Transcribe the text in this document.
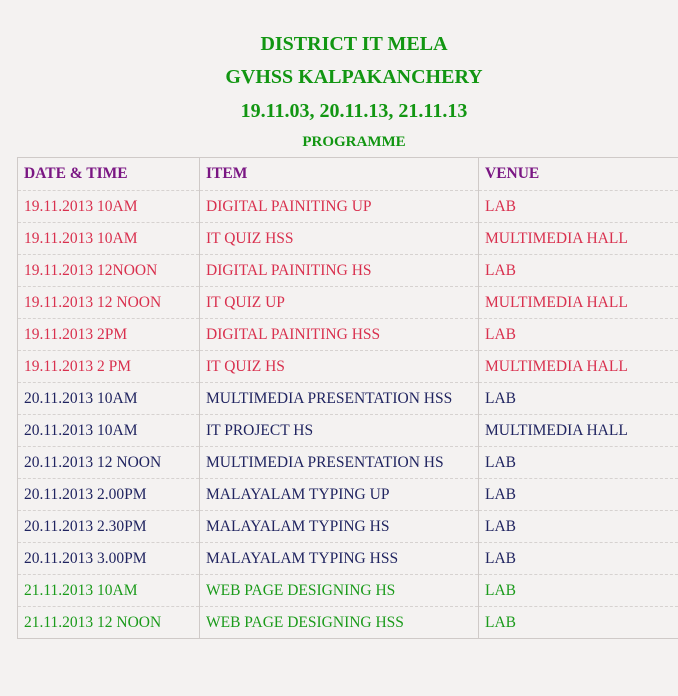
DISTRICT IT MELA
GVHSS KALPAKANCHERY
19.11.03, 20.11.13, 21.11.13
PROGRAMME
DATE & TIME	ITEM	VENUE
19.11.2013 10AM	DIGITAL PAINITING UP	LAB
19.11.2013 10AM	IT QUIZ HSS	MULTIMEDIA HALL
19.11.2013 12NOON	DIGITAL PAINITING HS	LAB
19.11.2013 12 NOON	IT QUIZ UP	MULTIMEDIA HALL
19.11.2013 2PM	DIGITAL PAINITING HSS	LAB
19.11.2013 2 PM	IT QUIZ HS	MULTIMEDIA HALL
20.11.2013 10AM	MULTIMEDIA PRESENTATION HSS	LAB
20.11.2013 10AM	IT PROJECT HS	MULTIMEDIA HALL
20.11.2013 12 NOON	MULTIMEDIA PRESENTATION HS	LAB
20.11.2013 2.00PM	MALAYALAM TYPING UP	LAB
20.11.2013 2.30PM	MALAYALAM TYPING HS	LAB
20.11.2013 3.00PM	MALAYALAM TYPING HSS	LAB
21.11.2013 10AM	WEB PAGE DESIGNING HS	LAB
21.11.2013 12 NOON	WEB PAGE DESIGNING HSS	LAB
